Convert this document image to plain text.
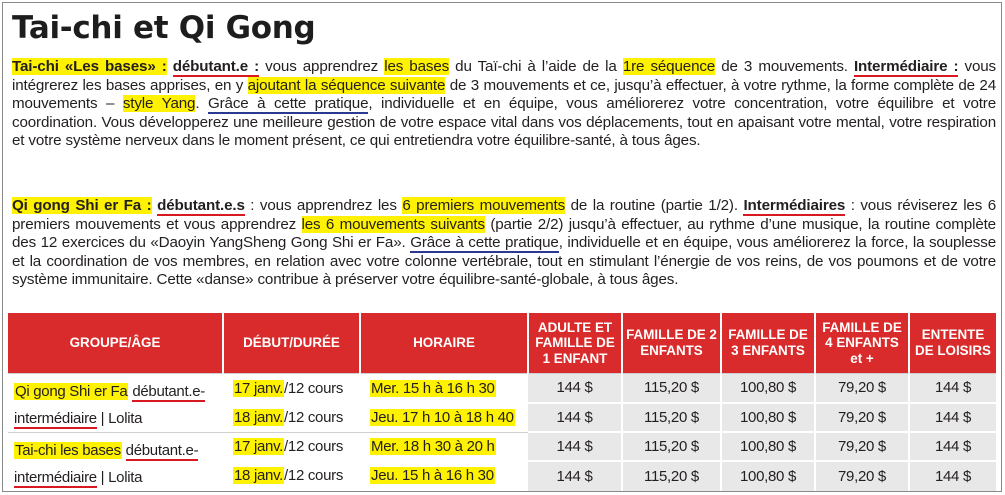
Tai-chi et Qi Gong

Tai-chi «Les bases» : débutant.e : vous apprendrez les bases du Taï-chi à l’aide de la 1re séquence de 3 mouvements. Intermédiaire : vous intégrerez les bases apprises, en y ajoutant la séquence suivante de 3 mouvements et ce, jusqu’à effectuer, à votre rythme, la forme complète de 24 mouvements – style Yang. Grâce à cette pratique, individuelle et en équipe, vous améliorerez votre concentration, votre équilibre et votre coordination. Vous développerez une meilleure gestion de votre espace vital dans vos déplacements, tout en apaisant votre mental, votre respiration et votre système nerveux dans le moment présent, ce qui entretiendra votre équilibre-santé, à tous âges.

Qi gong Shi er Fa : débutant.e.s : vous apprendrez les 6 premiers mouvements de la routine (partie 1/2). Intermédiaires : vous réviserez les 6 premiers mouvements et vous apprendrez les 6 mouvements suivants (partie 2/2) jusqu’à effectuer, au rythme d’une musique, la routine complète des 12 exercices du «Daoyin YangSheng Gong Shi er Fa». Grâce à cette pratique, individuelle et en équipe, vous améliorerez la force, la souplesse et la coordination de vos membres, en relation avec votre colonne vertébrale, tout en stimulant l’énergie de vos reins, de vos poumons et de votre système immunitaire. Cette «danse» contribue à préserver votre équilibre-santé-globale, à tous âges.

GROUPE/ÂGE	DÉBUT/DURÉE	HORAIRE	ADULTE ET FAMILLE DE 1 ENFANT	FAMILLE DE 2 ENFANTS	FAMILLE DE 3 ENFANTS	FAMILLE DE 4 ENFANTS et +	ENTENTE DE LOISIRS
Qi gong Shi er Fa débutant.e-
intermédiaire | Lolita	17 janv./12 cours	Mer. 15 h à 16 h 30	144 $	115,20 $	100,80 $	79,20 $	144 $
	18 janv./12 cours	Jeu. 17 h 10 à 18 h 40	144 $	115,20 $	100,80 $	79,20 $	144 $
Tai-chi les bases débutant.e-
intermédiaire | Lolita	17 janv./12 cours	Mer. 18 h 30 à 20 h	144 $	115,20 $	100,80 $	79,20 $	144 $
	18 janv./12 cours	Jeu. 15 h à 16 h 30	144 $	115,20 $	100,80 $	79,20 $	144 $
